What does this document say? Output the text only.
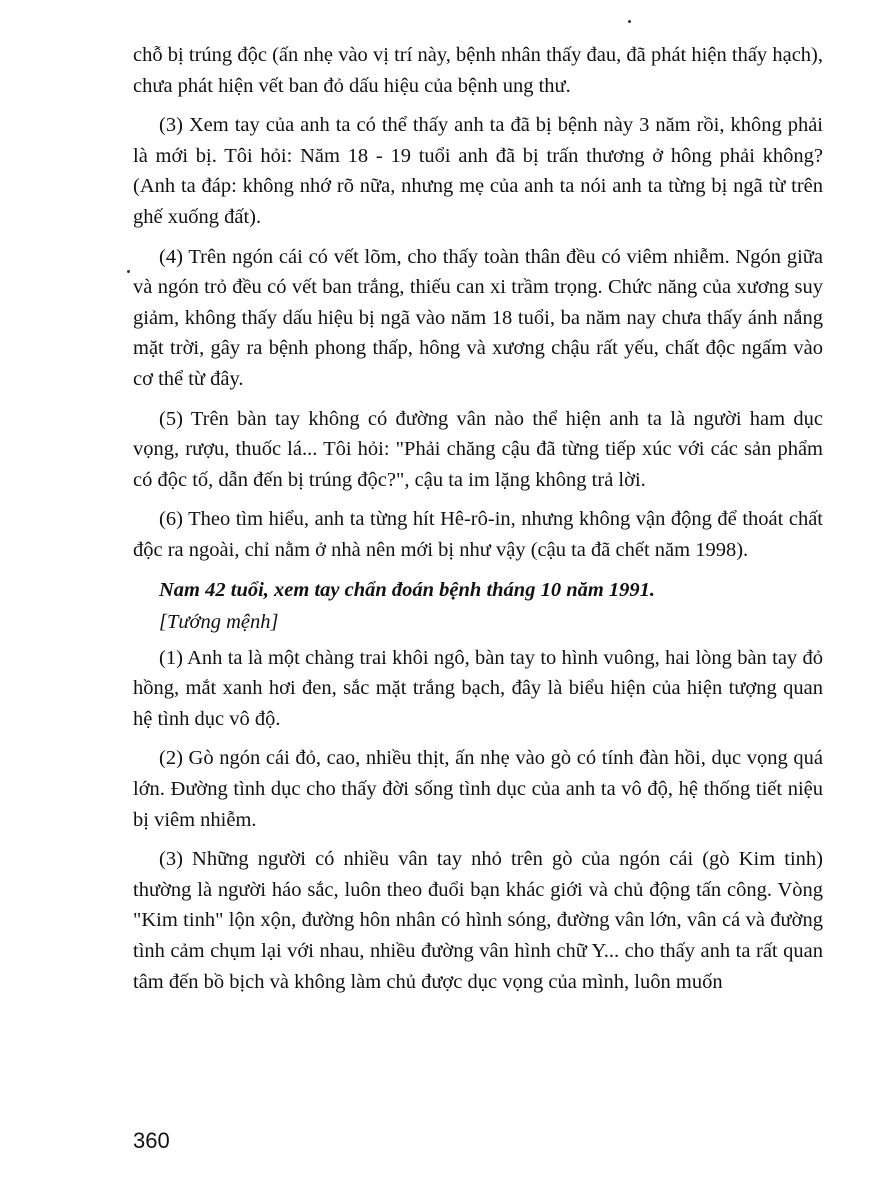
chỗ bị trúng độc (ấn nhẹ vào vị trí này, bệnh nhân thấy đau, đã phát hiện thấy hạch), chưa phát hiện vết ban đỏ dấu hiệu của bệnh ung thư.

(3) Xem tay của anh ta có thể thấy anh ta đã bị bệnh này 3 năm rồi, không phải là mới bị. Tôi hỏi: Năm 18 - 19 tuổi anh đã bị trấn thương ở hông phải không? (Anh ta đáp: không nhớ rõ nữa, nhưng mẹ của anh ta nói anh ta từng bị ngã từ trên ghế xuống đất).

(4) Trên ngón cái có vết lõm, cho thấy toàn thân đều có viêm nhiễm. Ngón giữa và ngón trỏ đều có vết ban trắng, thiếu can xi trầm trọng. Chức năng của xương suy giảm, không thấy dấu hiệu bị ngã vào năm 18 tuổi, ba năm nay chưa thấy ánh nắng mặt trời, gây ra bệnh phong thấp, hông và xương chậu rất yếu, chất độc ngấm vào cơ thể từ đây.

(5) Trên bàn tay không có đường vân nào thể hiện anh ta là người ham dục vọng, rượu, thuốc lá... Tôi hỏi: "Phải chăng cậu đã từng tiếp xúc với các sản phẩm có độc tố, dẫn đến bị trúng độc?", cậu ta im lặng không trả lời.

(6) Theo tìm hiểu, anh ta từng hít Hê-rô-in, nhưng không vận động để thoát chất độc ra ngoài, chỉ nằm ở nhà nên mới bị như vậy (cậu ta đã chết năm 1998).

Nam 42 tuổi, xem tay chẩn đoán bệnh tháng 10 năm 1991.

[Tướng mệnh]

(1) Anh ta là một chàng trai khôi ngô, bàn tay to hình vuông, hai lòng bàn tay đỏ hồng, mắt xanh hơi đen, sắc mặt trắng bạch, đây là biểu hiện của hiện tượng quan hệ tình dục vô độ.

(2) Gò ngón cái đỏ, cao, nhiều thịt, ấn nhẹ vào gò có tính đàn hồi, dục vọng quá lớn. Đường tình dục cho thấy đời sống tình dục của anh ta vô độ, hệ thống tiết niệu bị viêm nhiễm.

(3) Những người có nhiều vân tay nhỏ trên gò của ngón cái (gò Kim tinh) thường là người háo sắc, luôn theo đuổi bạn khác giới và chủ động tấn công. Vòng "Kim tinh" lộn xộn, đường hôn nhân có hình sóng, đường vân lớn, vân cá và đường tình cảm chụm lại với nhau, nhiều đường vân hình chữ Y... cho thấy anh ta rất quan tâm đến bồ bịch và không làm chủ được dục vọng của mình, luôn muốn

360
